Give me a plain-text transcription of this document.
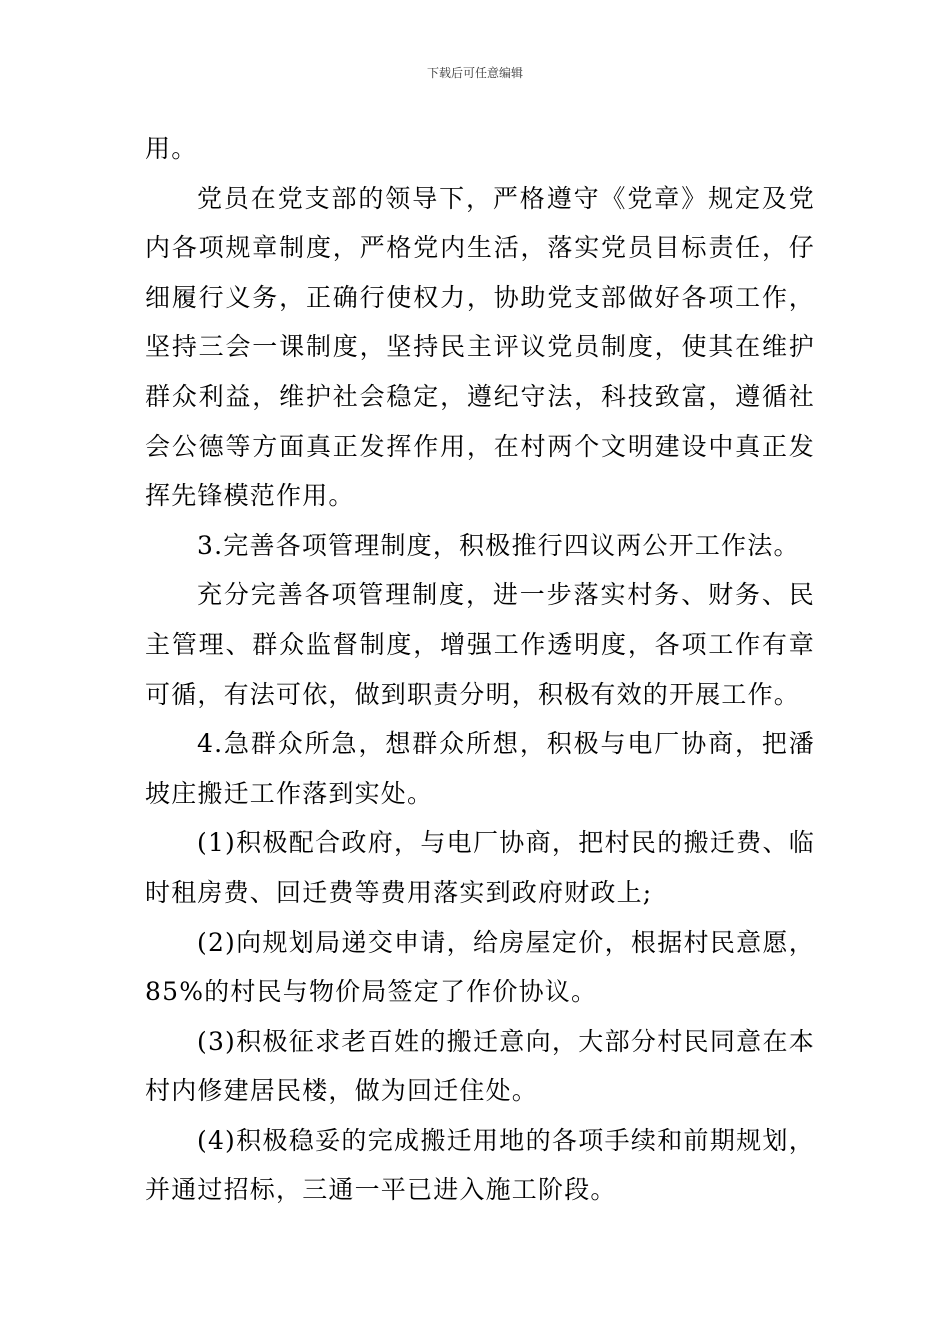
下载后可任意编辑

用。

党员在党支部的领导下，严格遵守《党章》规定及党内各项规章制度，严格党内生活，落实党员目标责任，仔细履行义务，正确行使权力，协助党支部做好各项工作，坚持三会一课制度，坚持民主评议党员制度，使其在维护群众利益，维护社会稳定，遵纪守法，科技致富，遵循社会公德等方面真正发挥作用，在村两个文明建设中真正发挥先锋模范作用。

3.完善各项管理制度，积极推行四议两公开工作法。

充分完善各项管理制度，进一步落实村务、财务、民主管理、群众监督制度，增强工作透明度，各项工作有章可循，有法可依，做到职责分明，积极有效的开展工作。

4.急群众所急，想群众所想，积极与电厂协商，把潘坡庄搬迁工作落到实处。

(1)积极配合政府，与电厂协商，把村民的搬迁费、临时租房费、回迁费等费用落实到政府财政上;

(2)向规划局递交申请，给房屋定价，根据村民意愿，85%的村民与物价局签定了作价协议。

(3)积极征求老百姓的搬迁意向，大部分村民同意在本村内修建居民楼，做为回迁住处。

(4)积极稳妥的完成搬迁用地的各项手续和前期规划，并通过招标，三通一平已进入施工阶段。
